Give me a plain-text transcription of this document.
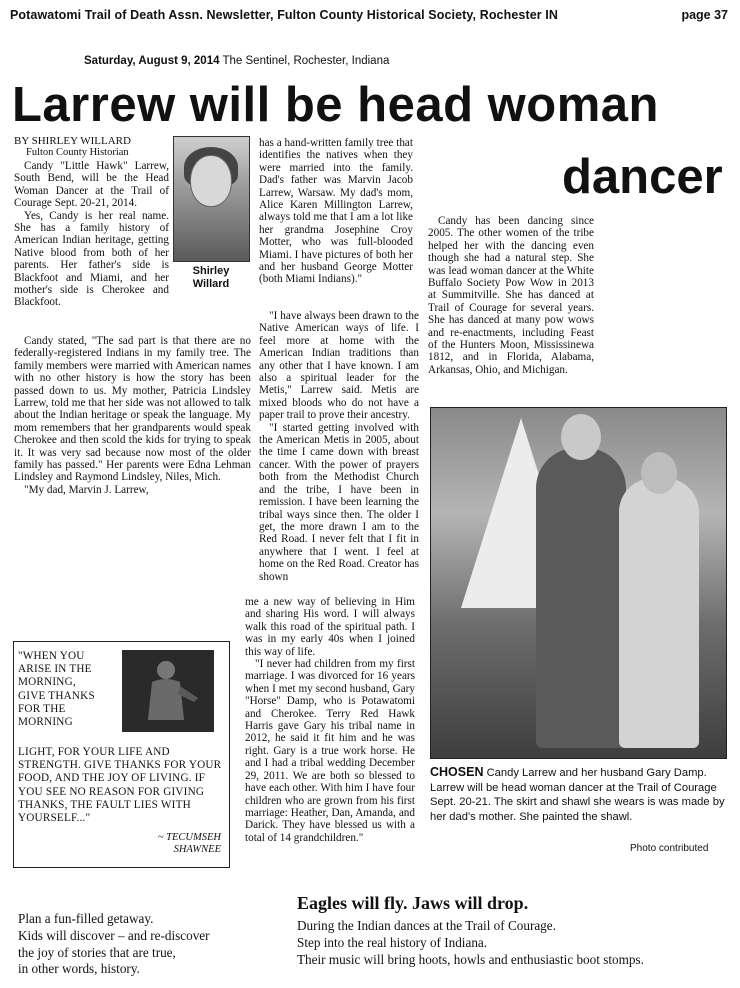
Potawatomi Trail of Death Assn. Newsletter, Fulton County Historical Society, Rochester IN	page 37
Saturday, August 9, 2014 The Sentinel, Rochester, Indiana
Larrew will be head woman
dancer

BY SHIRLEY WILLARD

Fulton County Historian

Candy "Little Hawk" Larrew, South Bend, will be the Head Woman Dancer at the Trail of Courage Sept. 20-21, 2014.

Yes, Candy is her real name. She has a family history of American Indian heritage, getting Native blood from both of her parents. Her father's side is Blackfoot and Miami, and her mother's side is Cherokee and Blackfoot.

Candy stated, "The sad part is that there are no federally-registered Indians in my family tree. The family members were married with American names with no other history is how the story has been passed down to us. My mother, Patricia Lindsley Larrew, told me that her side was not allowed to talk about the Indian heritage or speak the language. My mom remembers that her grandparents would speak Cherokee and then scold the kids for trying to speak it. It was very sad because now most of the older family has passed." Her parents were Edna Lehman Lindsley and Raymond Lindsley, Niles, Mich.

"My dad, Marvin J. Larrew,

Shirley
Willard

has a hand-written family tree that identifies the natives when they were married into the family. Dad's father was Marvin Jacob Larrew, Warsaw. My dad's mom, Alice Karen Millington Larrew, always told me that I am a lot like her grandma Josephine Croy Motter, who was full-blooded Miami. I have pictures of both her and her husband George Motter (both Miami Indians)."

"I have always been drawn to the Native American ways of life. I feel more at home with the American Indian traditions than any other that I have known. I am also a spiritual leader for the Metis," Larrew said. Metis are mixed bloods who do not have a paper trail to prove their ancestry.

"I started getting involved with the American Metis in 2005, about the time I came down with breast cancer. With the power of prayers both from the Methodist Church and the tribe, I have been in remission. I have been learning the tribal ways since then. The older I get, the more drawn I am to the Red Road. I never felt that I fit in anywhere that I went. I feel at home on the Red Road. Creator has shown

me a new way of believing in Him and sharing His word. I will always walk this road of the spiritual path. I was in my early 40s when I joined this way of life.

"I never had children from my first marriage. I was divorced for 16 years when I met my second husband, Gary "Horse" Damp, who is Potawatomi and Cherokee. Terry Red Hawk Harris gave Gary his tribal name in 2012, he said it fit him and he was right. Gary is a true work horse. He and I had a tribal wedding December 29, 2011. We are both so blessed to have each other. With him I have four children who are grown from his first marriage: Heather, Dan, Amanda, and Darick. They have blessed us with a total of 14 grandchildren."

Candy has been dancing since 2005. The other women of the tribe helped her with the dancing even though she had a natural step. She was lead woman dancer at the White Buffalo Society Pow Wow in 2013 at Summitville. She has danced at Trail of Courage for several years. She has danced at many pow wows and re-enactments, including Feast of the Hunters Moon, Mississinewa 1812, and in Florida, Alabama, Arkansas, Ohio, and Michigan.

"WHEN YOU
ARISE IN THE
MORNING,
GIVE THANKS
FOR THE
MORNING
LIGHT, FOR YOUR LIFE AND STRENGTH. GIVE THANKS FOR YOUR FOOD, AND THE JOY OF LIVING. IF YOU SEE NO REASON FOR GIVING THANKS, THE FAULT LIES WITH YOURSELF..."
~ TECUMSEH
SHAWNEE
CHOSEN Candy Larrew and her husband Gary Damp. Larrew will be head woman dancer at the Trail of Courage Sept. 20-21. The skirt and shawl she wears is was made by her dad's mother. She painted the shawl.
Photo contributed
Plan a fun-filled getaway.
Kids will discover – and re-discover
the joy of stories that are true,
in other words, history.
Eagles will fly. Jaws will drop.
During the Indian dances at the Trail of Courage.
Step into the real history of Indiana.
Their music will bring hoots, howls and enthusiastic boot stomps.
